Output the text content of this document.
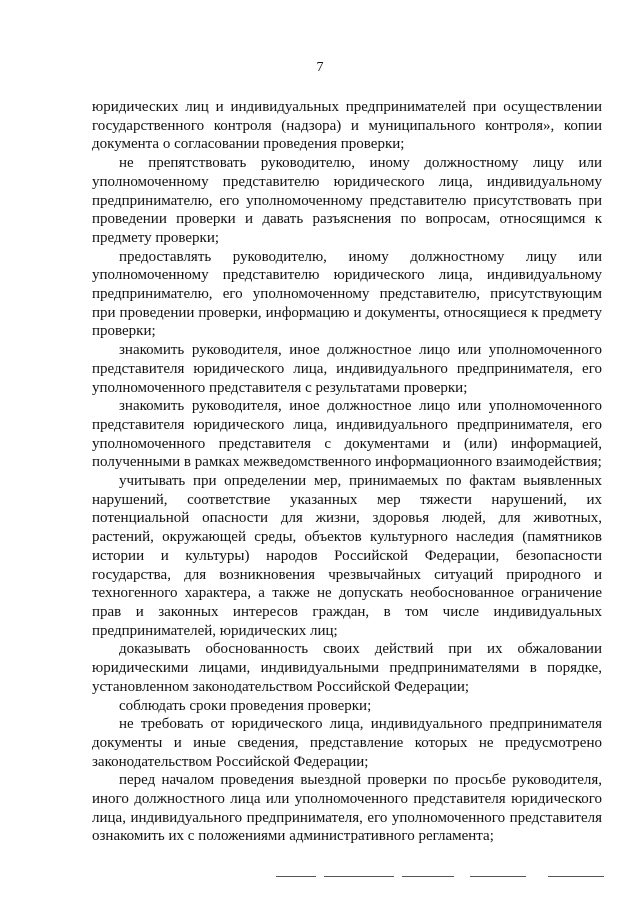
7

юридических лиц и индивидуальных предпринимателей при осуществлении государственного контроля (надзора) и муниципального контроля», копии документа о согласовании проведения проверки;

не препятствовать руководителю, иному должностному лицу или уполномоченному представителю юридического лица, индивидуальному предпринимателю, его уполномоченному представителю присутствовать при проведении проверки и давать разъяснения по вопросам, относящимся к предмету проверки;

предоставлять руководителю, иному должностному лицу или уполномоченному представителю юридического лица, индивидуальному предпринимателю, его уполномоченному представителю, присутствующим при проведении проверки, информацию и документы, относящиеся к предмету проверки;

знакомить руководителя, иное должностное лицо или уполномоченного представителя юридического лица, индивидуального предпринимателя, его уполномоченного представителя с результатами проверки;

знакомить руководителя, иное должностное лицо или уполномоченного представителя юридического лица, индивидуального предпринимателя, его уполномоченного представителя с документами и (или) информацией, полученными в рамках межведомственного информационного взаимодействия;

учитывать при определении мер, принимаемых по фактам выявленных нарушений, соответствие указанных мер тяжести нарушений, их потенциальной опасности для жизни, здоровья людей, для животных, растений, окружающей среды, объектов культурного наследия (памятников истории и культуры) народов Российской Федерации, безопасности государства, для возникновения чрезвычайных ситуаций природного и техногенного характера, а также не допускать необоснованное ограничение прав и законных интересов граждан, в том числе индивидуальных предпринимателей, юридических лиц;

доказывать обоснованность своих действий при их обжаловании юридическими лицами, индивидуальными предпринимателями в порядке, установленном законодательством Российской Федерации;

соблюдать сроки проведения проверки;

не требовать от юридического лица, индивидуального предпринимателя документы и иные сведения, представление которых не предусмотрено законодательством Российской Федерации;

перед началом проведения выездной проверки по просьбе руководителя, иного должностного лица или уполномоченного представителя юридического лица, индивидуального предпринимателя, его уполномоченного представителя ознакомить их с положениями административного регламента;
